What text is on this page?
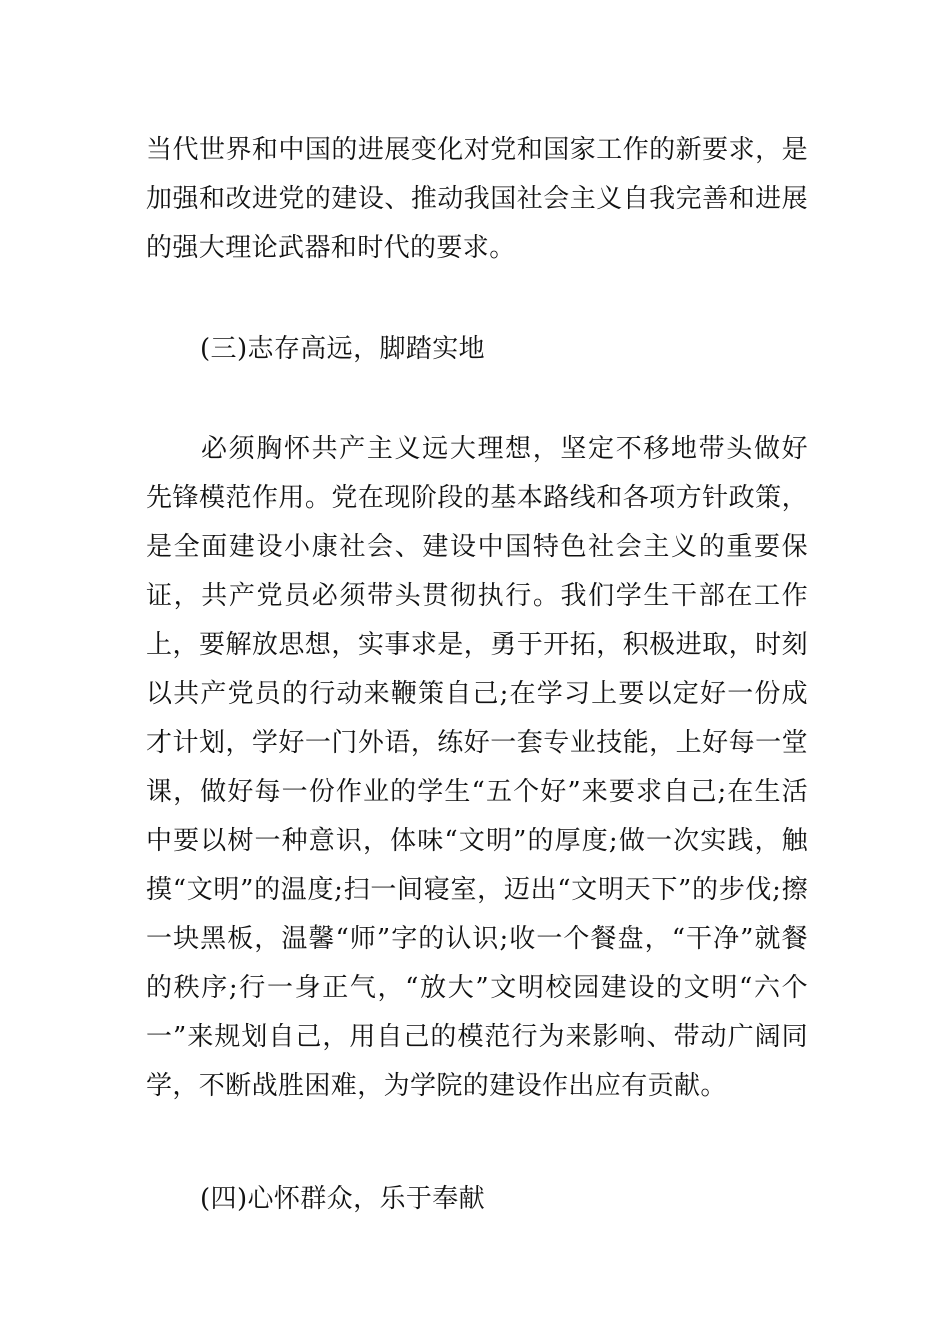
当代世界和中国的进展变化对党和国家工作的新要求，是加强和改进党的建设、推动我国社会主义自我完善和进展的强大理论武器和时代的要求。

(三)志存高远，脚踏实地

必须胸怀共产主义远大理想，坚定不移地带头做好先锋模范作用。党在现阶段的基本路线和各项方针政策，是全面建设小康社会、建设中国特色社会主义的重要保证，共产党员必须带头贯彻执行。我们学生干部在工作上，要解放思想，实事求是，勇于开拓，积极进取，时刻以共产党员的行动来鞭策自己;在学习上要以定好一份成才计划，学好一门外语，练好一套专业技能，上好每一堂课，做好每一份作业的学生“五个好”来要求自己;在生活中要以树一种意识，体味“文明”的厚度;做一次实践，触摸“文明”的温度;扫一间寝室，迈出“文明天下”的步伐;擦一块黑板，温馨“师”字的认识;收一个餐盘，“干净”就餐的秩序;行一身正气，“放大”文明校园建设的文明“六个一”来规划自己，用自己的模范行为来影响、带动广阔同学，不断战胜困难，为学院的建设作出应有贡献。

(四)心怀群众，乐于奉献
